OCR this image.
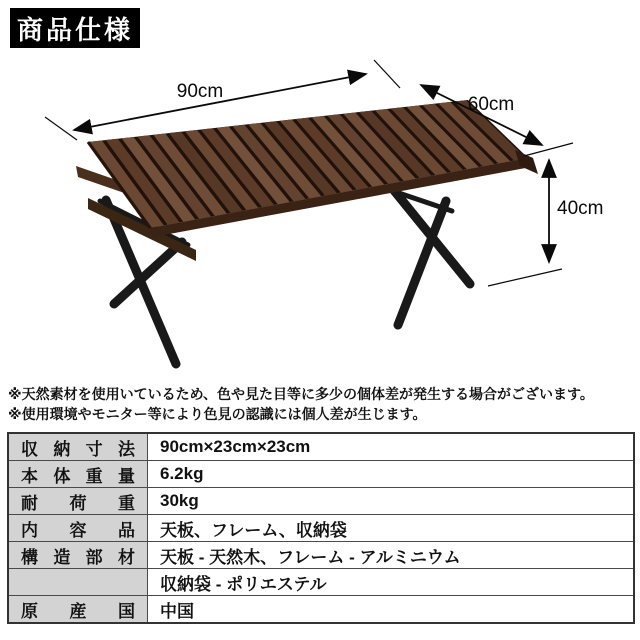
商品仕様
90cm
60cm
40cm
※天然素材を使用いているため、色や見た目等に多少の個体差が発生する場合がございます。
※使用環境やモニター等により色見の認識には個人差が生じます。
収納寸法	90cm×23cm×23cm
本体重量	6.2kg
耐荷重	30kg
内容品	天板、フレーム、収納袋
構造部材	天板 - 天然木、フレーム - アルミニウム
	収納袋 - ポリエステル
原産国	中国
